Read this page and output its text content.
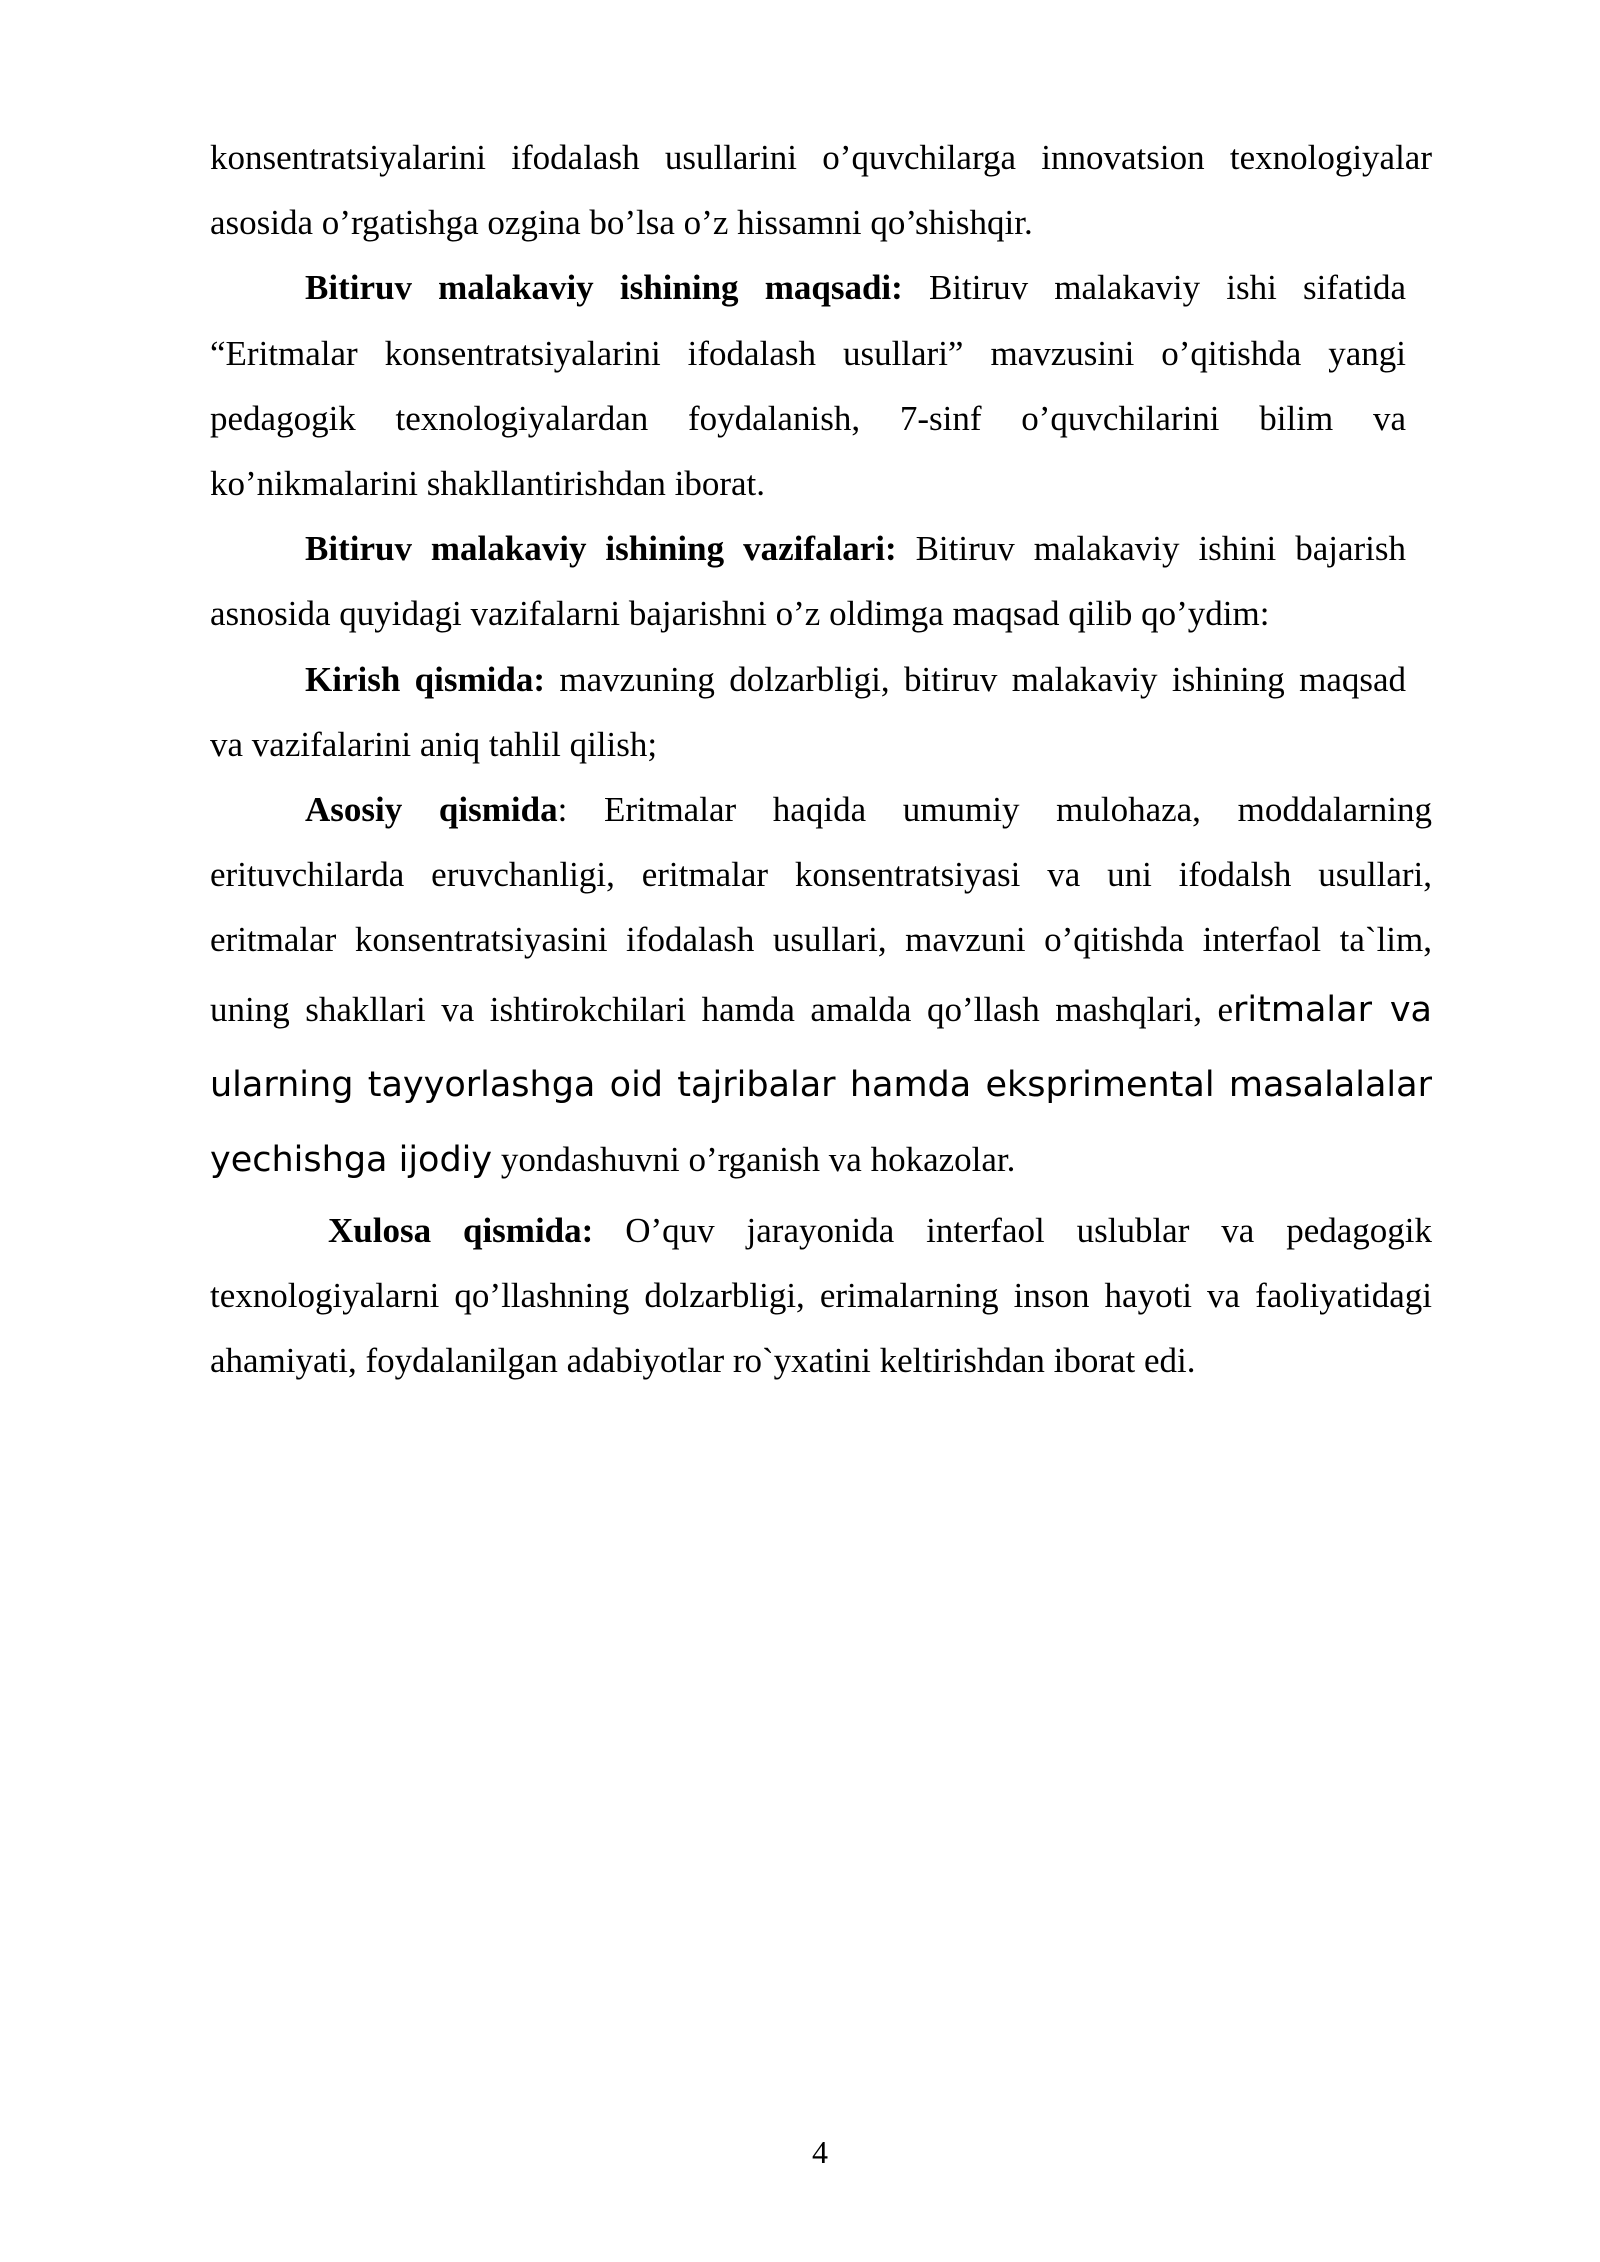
konsentratsiyalarini ifodalash usullarini o’quvchilarga innovatsion texnologiyalar asosida o’rgatishga ozgina bo’lsa o’z hissamni qo’shishqir.

Bitiruv malakaviy ishining maqsadi: Bitiruv malakaviy ishi sifatida “Eritmalar konsentratsiyalarini ifodalash usullari” mavzusini o’qitishda yangi pedagogik texnologiyalardan foydalanish, 7-sinf o’quvchilarini bilim va ko’nikmalarini shakllantirishdan iborat.

Bitiruv malakaviy ishining vazifalari: Bitiruv malakaviy ishini bajarish asnosida quyidagi vazifalarni bajarishni o’z oldimga maqsad qilib qo’ydim:

Kirish qismida: mavzuning dolzarbligi, bitiruv malakaviy ishining maqsad va vazifalarini aniq tahlil qilish;

Asosiy qismida: Eritmalar haqida umumiy mulohaza, moddalarning erituvchilarda eruvchanligi, eritmalar konsentratsiyasi va uni ifodalsh usullari, eritmalar konsentratsiyasini ifodalash usullari, mavzuni o’qitishda interfaol ta`lim, uning shakllari va ishtirokchilari hamda amalda qo’llash mashqlari, eritmalar va ularning tayyorlashga oid tajribalar hamda eksprimental masalalalar yechishga ijodiy yondashuvni o’rganish va hokazolar.

Xulosa qismida: O’quv jarayonida interfaol uslublar va pedagogik texnologiyalarni qo’llashning dolzarbligi, erimalarning inson hayoti va faoliyatidagi ahamiyati, foydalanilgan adabiyotlar ro`yxatini keltirishdan iborat edi.

4
